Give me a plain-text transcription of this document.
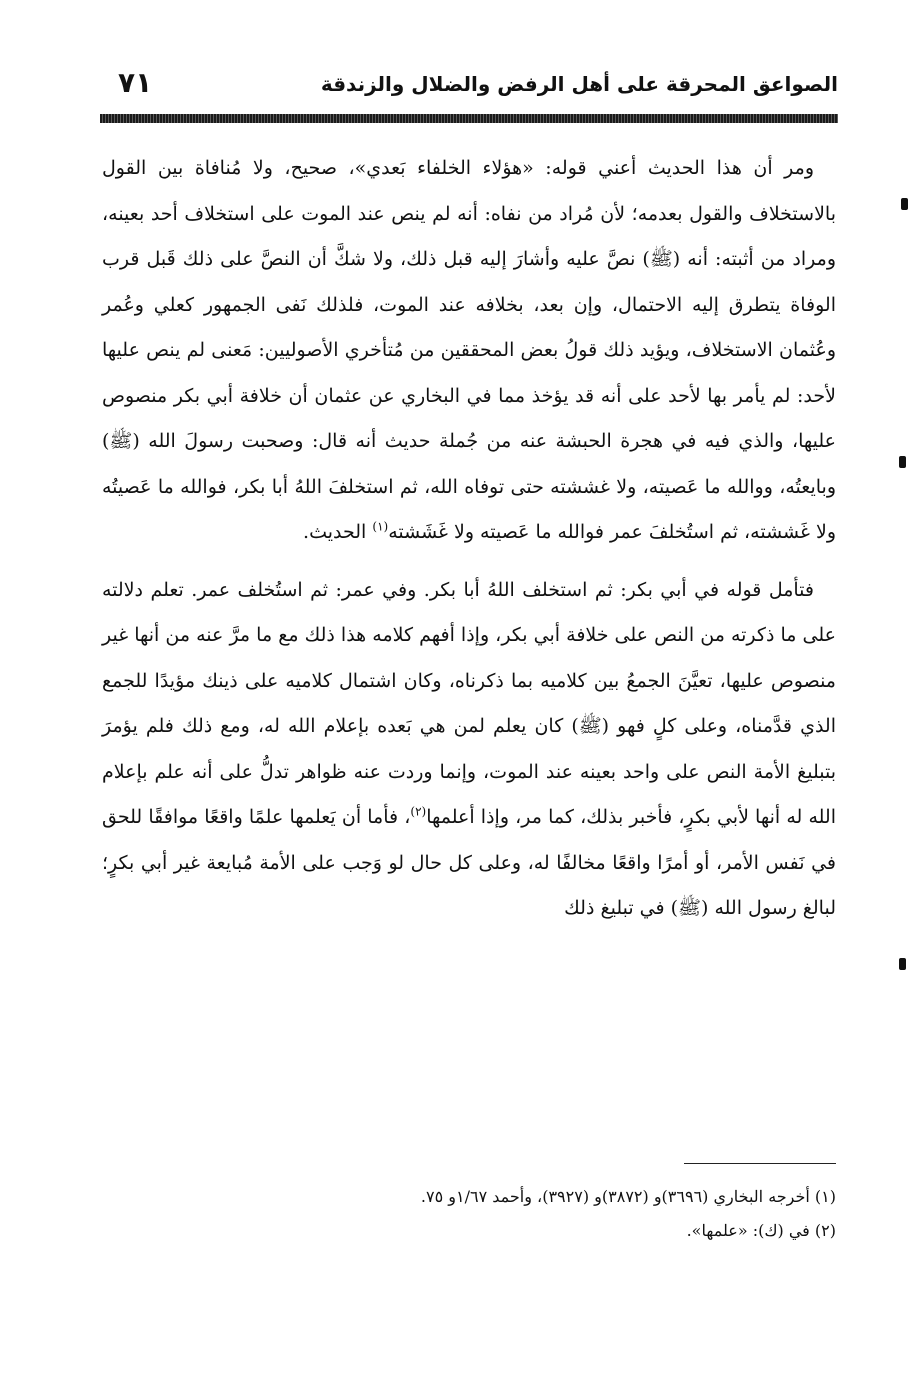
الصواعق المحرقة على أهل الرفض والضلال والزندقة
٧١

ومر أن هذا الحديث أعني قوله: «هؤلاء الخلفاء بَعدي»، صحيح، ولا مُنافاة بين القول بالاستخلاف والقول بعدمه؛ لأن مُراد من نفاه: أنه لم ينص عند الموت على استخلاف أحد بعينه، ومراد من أثبته: أنه (ﷺ) نصَّ عليه وأشارَ إليه قبل ذلك، ولا شكَّ أن النصَّ على ذلك قَبل قرب الوفاة يتطرق إليه الاحتمال، وإن بعد، بخلافه عند الموت، فلذلك نَفى الجمهور كعلي وعُمر وعُثمان الاستخلاف، ويؤيد ذلك قولُ بعض المحققين من مُتأخري الأصوليين: مَعنى لم ينص عليها لأحد: لم يأمر بها لأحد على أنه قد يؤخذ مما في البخاري عن عثمان أن خلافة أبي بكر منصوص عليها، والذي فيه في هجرة الحبشة عنه من جُملة حديث أنه قال: وصحبت رسولَ الله (ﷺ) وبايعتُه، ووالله ما عَصيته، ولا غششته حتى توفاه الله، ثم استخلفَ اللهُ أبا بكر، فوالله ما عَصيتُه ولا غَششته، ثم استُخلفَ عمر فوالله ما عَصيته ولا غَشَشته$^{(١)}$ الحديث.

فتأمل قوله في أبي بكر: ثم استخلف اللهُ أبا بكر. وفي عمر: ثم استُخلف عمر. تعلم دلالته على ما ذكرته من النص على خلافة أبي بكر، وإذا أفهم كلامه هذا ذلك مع ما مرَّ عنه من أنها غير منصوص عليها، تعيَّنَ الجمعُ بين كلاميه بما ذكرناه، وكان اشتمال كلاميه على ذينك مؤيدًا للجمع الذي قدَّمناه، وعلى كلٍ فهو (ﷺ) كان يعلم لمن هي بَعده بإعلام الله له، ومع ذلك فلم يؤمرَ بتبليغ الأمة النص على واحد بعينه عند الموت، وإنما وردت عنه ظواهر تدلُّ على أنه علم بإعلام الله له أنها لأبي بكرٍ، فأخبر بذلك، كما مر، وإذا أعلمها$^{(٢)}$، فأما أن يَعلمها علمًا واقعًا موافقًا للحق في نَفس الأمر، أو أمرًا واقعًا مخالفًا له، وعلى كل حال لو وَجب على الأمة مُبايعة غير أبي بكرٍ؛ لبالغ رسول الله (ﷺ) في تبليغ ذلك

(١) أخرجه البخاري (٣٦٩٦)و (٣٨٧٢)و (٣٩٢٧)، وأحمد ١/٦٧و ٧٥.
(٢) في (ك): «علمها».
